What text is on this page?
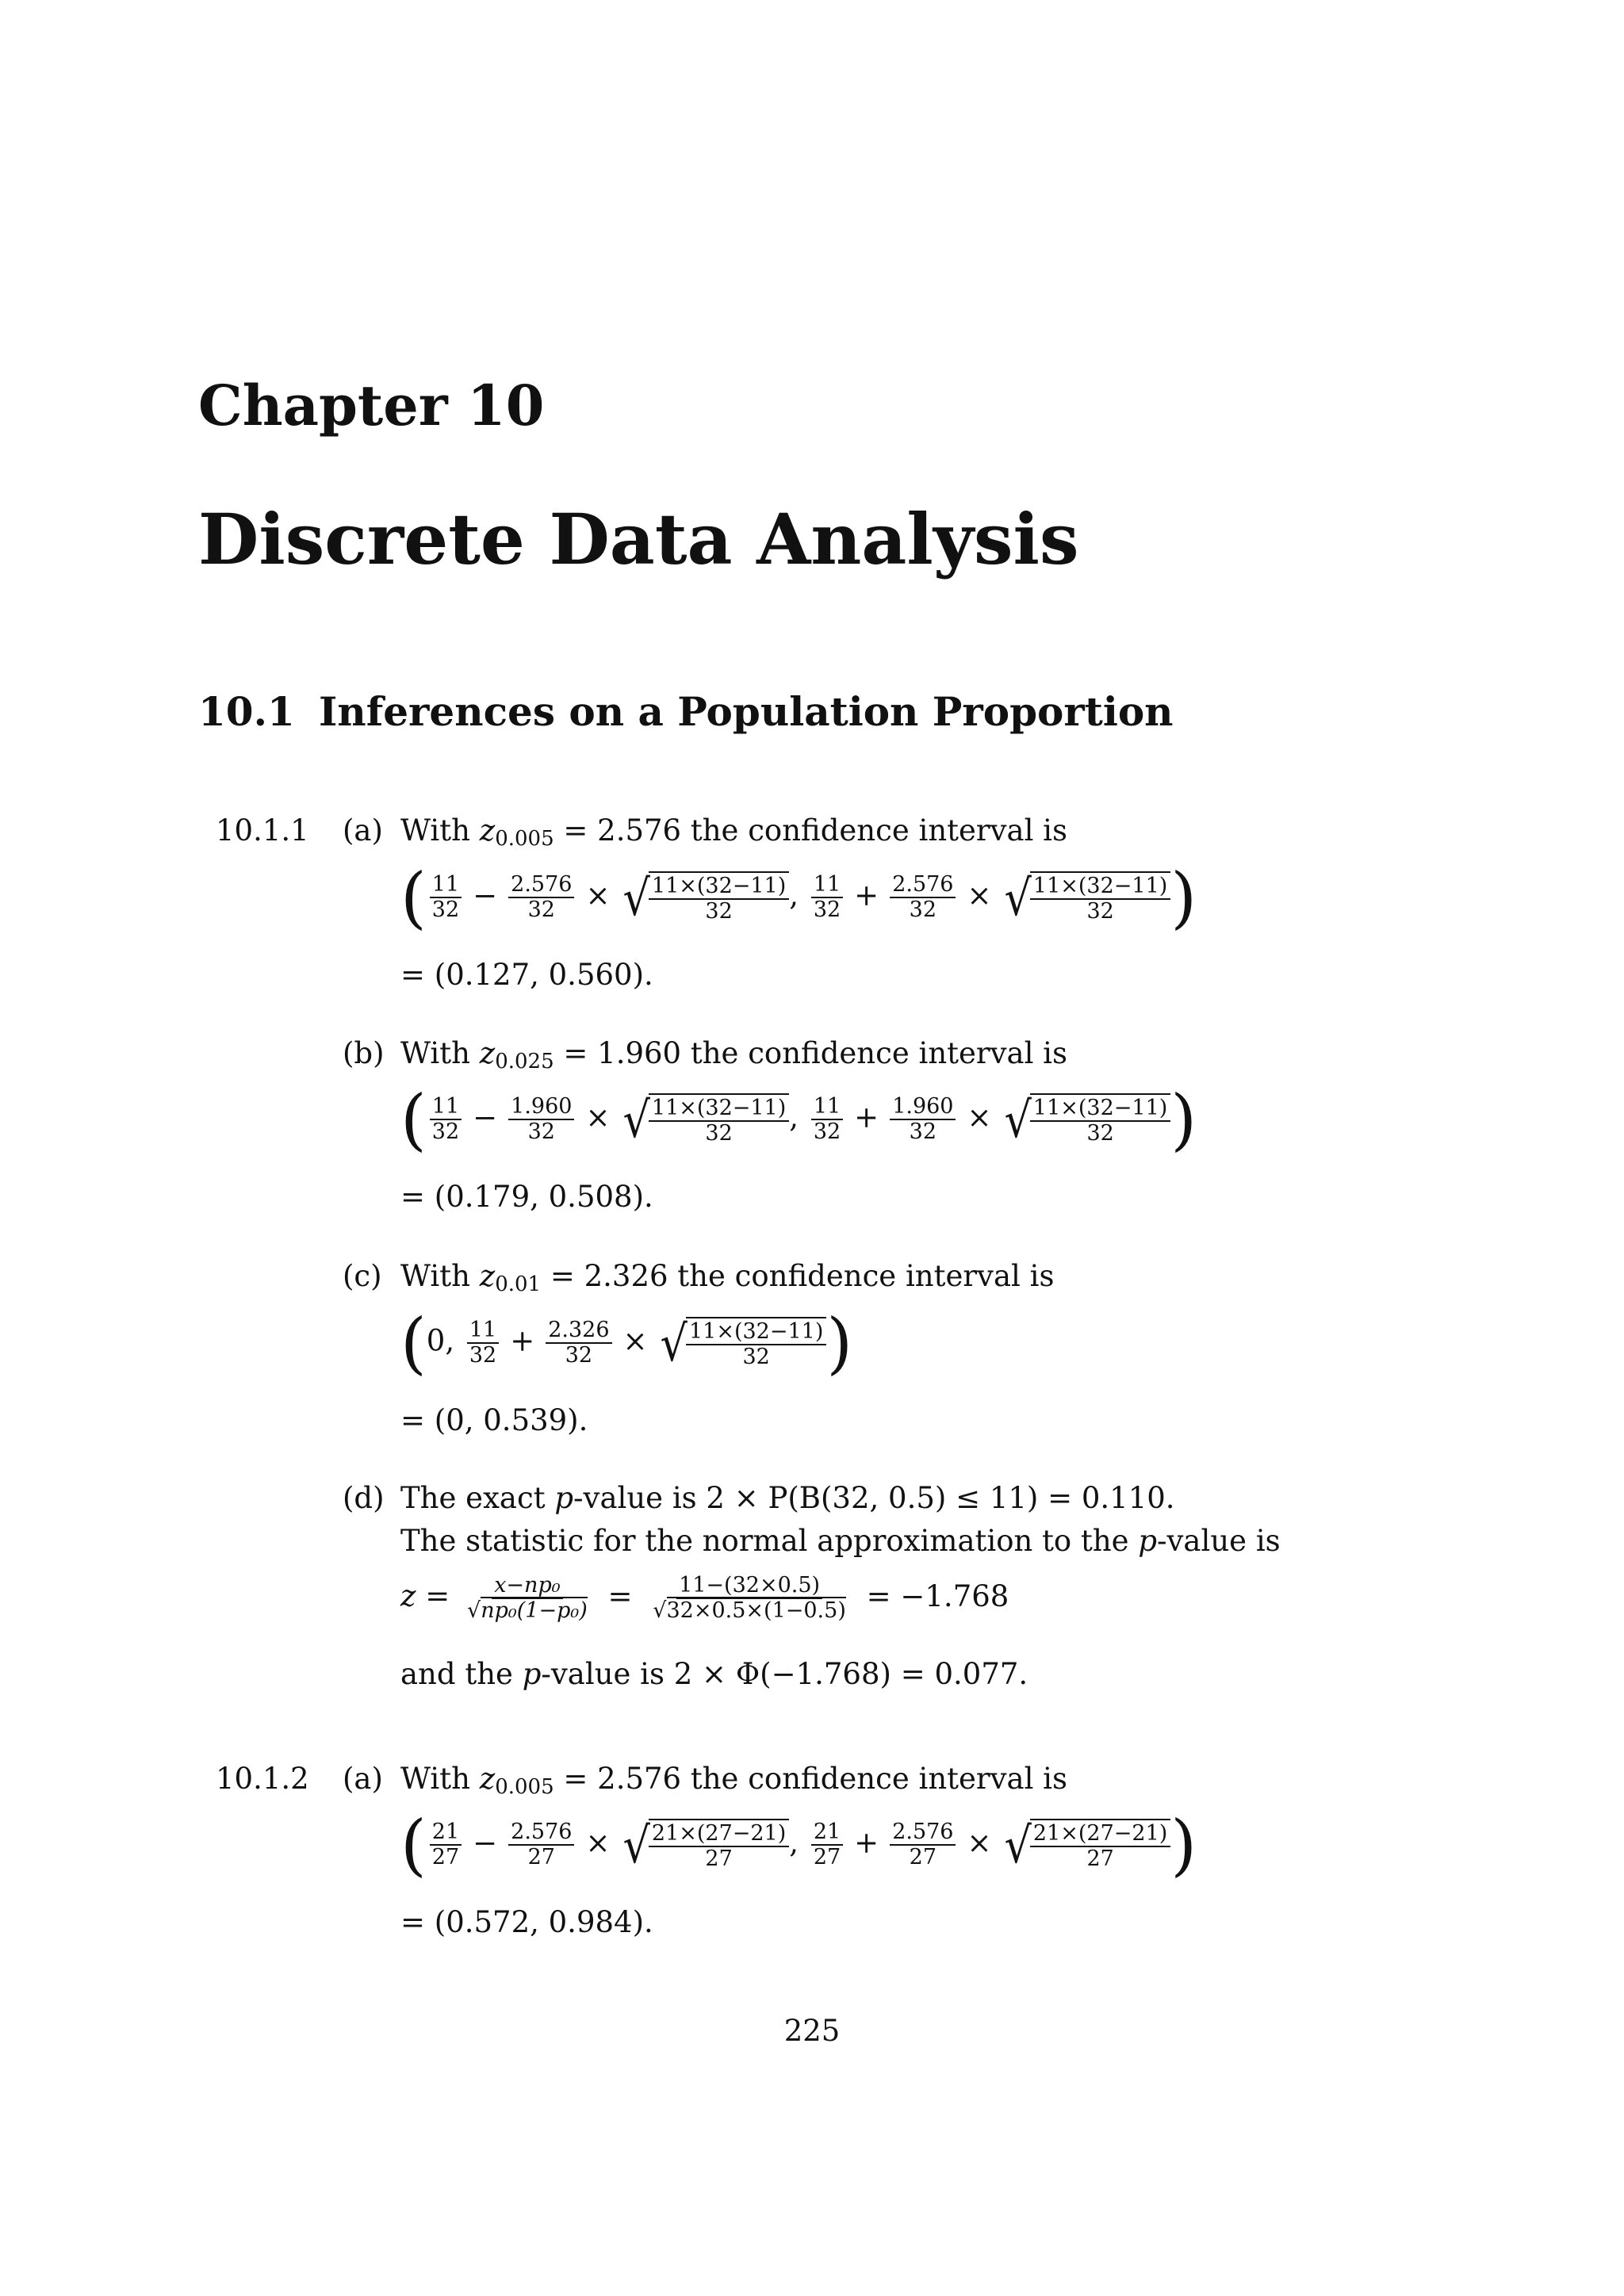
Chapter 10
Discrete Data Analysis
10.1 Inferences on a Population Proportion
10.1.1 (a) With $z_{0.005} = 2.576$ the confidence interval is
( $\frac{11}{32} - \frac{2.576}{32}$ × √
$\frac{11\times(32-11)}{32}$ , $\frac{11}{32} + \frac{2.576}{32}$ × √
$\frac{11\times(32-11)}{32}$ )
= (0.127, 0.560).
(b) With $z_{0.025} = 1.960$ the confidence interval is
( $\frac{11}{32} - \frac{1.960}{32}$ × √
$\frac{11\times(32-11)}{32}$ , $\frac{11}{32} + \frac{1.960}{32}$ × √
$\frac{11\times(32-11)}{32}$ )
= (0.179, 0.508).
(c) With $z_{0.01} = 2.326$ the confidence interval is
(0, $\frac{11}{32} + \frac{2.326}{32}$ × √
$\frac{11\times(32-11)}{32}$ )
= (0, 0.539).
(d) The exact p-value is 2 × P(B(32, 0.5) ≤ 11) = 0.110.
The statistic for the normal approximation to the p-value is
$z = \frac{\text{x−np₀}}{\text{√np₀(1−p₀)}} = \frac{11-(32\times 0.5)}{√32\times 0.5\times(1-0.5)} = -1.768$
and the p-value is 2 × Φ(−1.768) = 0.077.
10.1.2 (a) With $z_{0.005} = 2.576$ the confidence interval is
( $\frac{21}{27} - \frac{2.576}{27}$ × √
$\frac{21\times(27-21)}{27}$ , $\frac{21}{27} + \frac{2.576}{27}$ × √
$\frac{21\times(27-21)}{27}$ )
= (0.572, 0.984).
225
